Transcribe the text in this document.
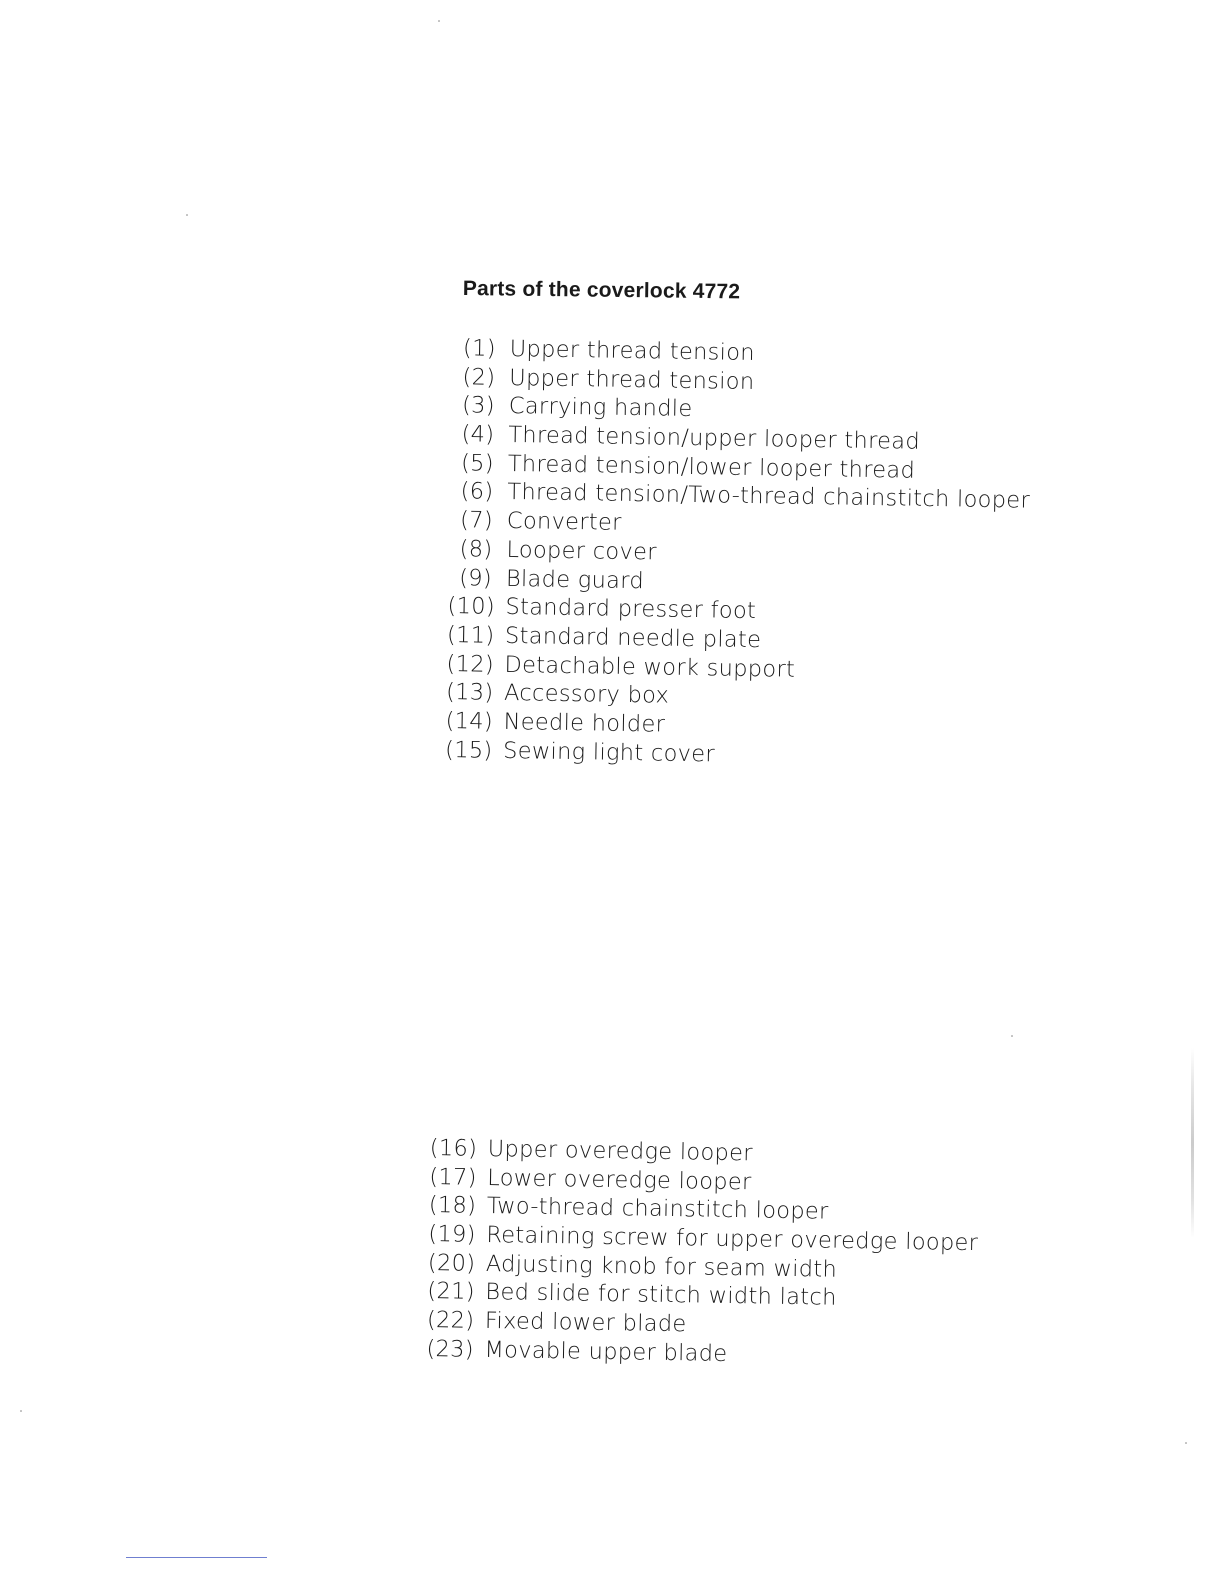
Parts of the coverlock 4772
(1) Upper thread tension
(2) Upper thread tension
(3) Carrying handle
(4) Thread tension/upper looper thread
(5) Thread tension/lower looper thread
(6) Thread tension/Two-thread chainstitch looper
(7) Converter
(8) Looper cover
(9) Blade guard
(10) Standard presser foot
(11) Standard needle plate
(12) Detachable work support
(13) Accessory box
(14) Needle holder
(15) Sewing light cover
(16) Upper overedge looper
(17) Lower overedge looper
(18) Two-thread chainstitch looper
(19) Retaining screw for upper overedge looper
(20) Adjusting knob for seam width
(21) Bed slide for stitch width latch
(22) Fixed lower blade
(23) Movable upper blade
